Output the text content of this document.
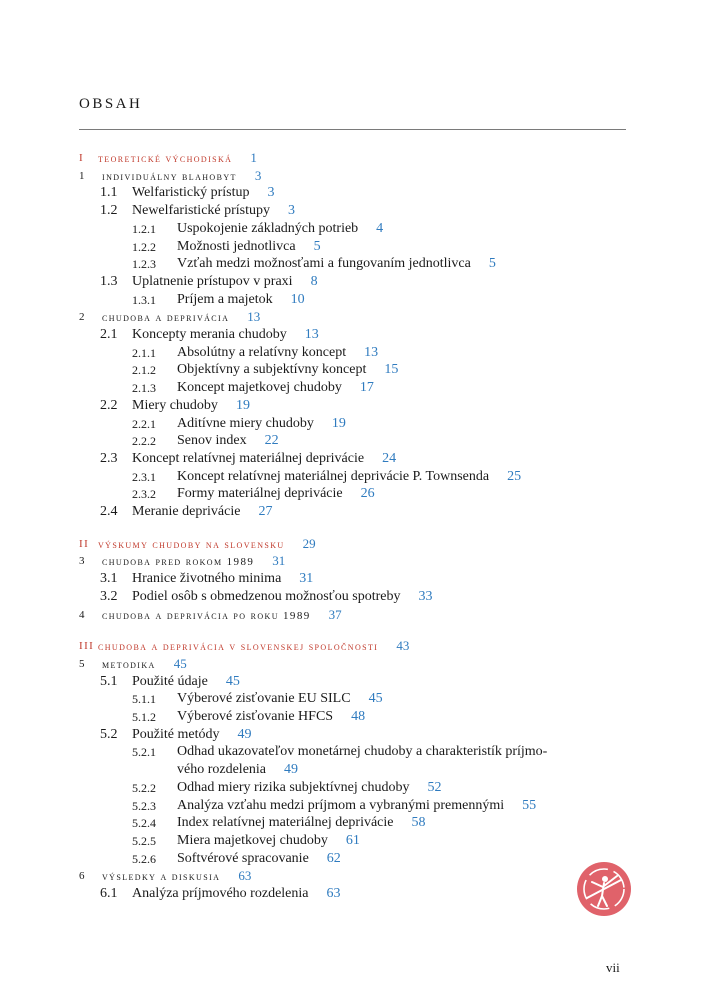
OBSAH
I teoretické východiská 1
1 individuálny blahobyt 3
1.1 Welfaristický prístup 3
1.2 Newelfaristické prístupy 3
1.2.1 Uspokojenie základných potrieb 4
1.2.2 Možnosti jednotlivca 5
1.2.3 Vzťah medzi možnosťami a fungovaním jednotlivca 5
1.3 Uplatnenie prístupov v praxi 8
1.3.1 Príjem a majetok 10
2 chudoba a deprivácia 13
2.1 Koncepty merania chudoby 13
2.1.1 Absolútny a relatívny koncept 13
2.1.2 Objektívny a subjektívny koncept 15
2.1.3 Koncept majetkovej chudoby 17
2.2 Miery chudoby 19
2.2.1 Aditívne miery chudoby 19
2.2.2 Senov index 22
2.3 Koncept relatívnej materiálnej deprivácie 24
2.3.1 Koncept relatívnej materiálnej deprivácie P. Townsenda 25
2.3.2 Formy materiálnej deprivácie 26
2.4 Meranie deprivácie 27
II výskumy chudoby na slovensku 29
3 chudoba pred rokom 1989 31
3.1 Hranice životného minima 31
3.2 Podiel osôb s obmedzenou možnosťou spotreby 33
4 chudoba a deprivácia po roku 1989 37
III chudoba a deprivácia v slovenskej spoločnosti 43
5 metodika 45
5.1 Použité údaje 45
5.1.1 Výberové zisťovanie EU SILC 45
5.1.2 Výberové zisťovanie HFCS 48
5.2 Použité metódy 49
5.2.1 Odhad ukazovateľov monetárnej chudoby a charakteristík príjmo-
vého rozdelenia 49
5.2.2 Odhad miery rizika subjektívnej chudoby 52
5.2.3 Analýza vzťahu medzi príjmom a vybranými premennými 55
5.2.4 Index relatívnej materiálnej deprivácie 58
5.2.5 Miera majetkovej chudoby 61
5.2.6 Softvérové spracovanie 62
6 výsledky a diskusia 63
6.1 Analýza príjmového rozdelenia 63
vii
